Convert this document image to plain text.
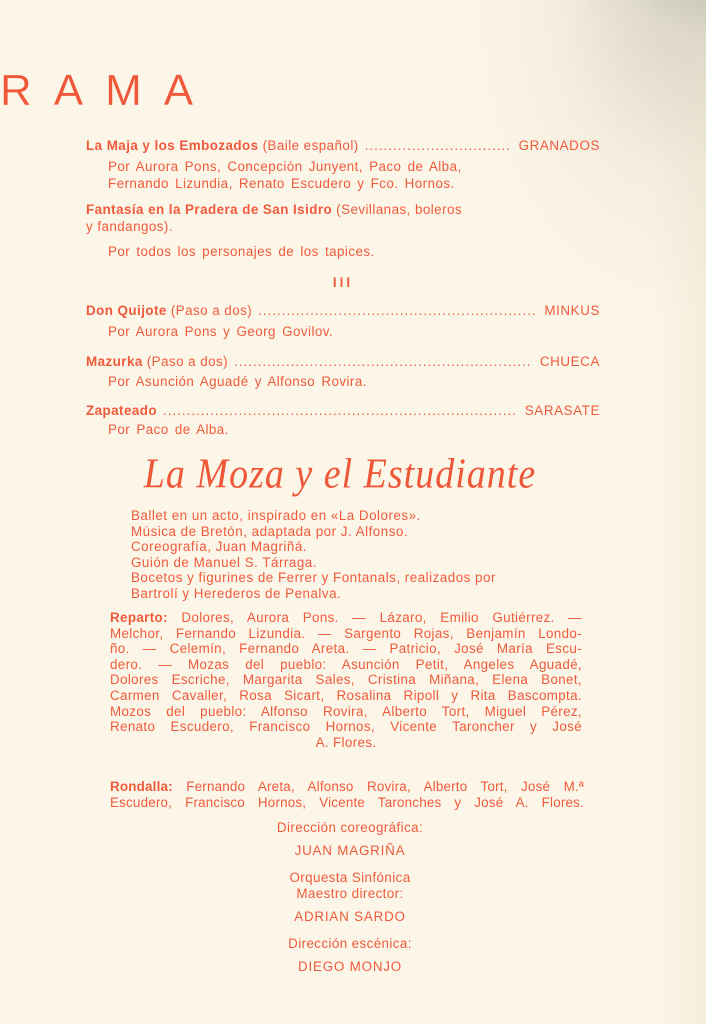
RAMA
La Maja y los Embozados (Baile español) .....	GRANADOS
Por Aurora Pons, Concepción Junyent, Paco de Alba,
Fernando Lizundia, Renato Escudero y Fco. Hornos.
Fantasía en la Pradera de San Isidro (Sevillanas, boleros
y fandangos).
Por todos los personajes de los tapices.
III
Don Quijote (Paso a dos) .....	MINKUS
Por Aurora Pons y Georg Govilov.
Mazurka (Paso a dos) .....	CHUECA
Por Asunción Aguadé y Alfonso Rovira.
Zapateado .....	SARASATE
Por Paco de Alba.
La Moza y el Estudiante
Ballet en un acto, inspirado en «La Dolores».
Música de Bretón, adaptada por J. Alfonso.
Coreografía, Juan Magriñá.
Guión de Manuel S. Tárraga.
Bocetos y figurines de Ferrer y Fontanals, realizados por
Bartrolí y Herederos de Penalva.
Reparto: Dolores, Aurora Pons. — Lázaro, Emilio Gutiérrez. —
Melchor, Fernando Lizundia. — Sargento Rojas, Benjamín Londo-
ño. — Celemín, Fernando Areta. — Patricio, José María Escu-
dero. — Mozas del pueblo: Asunción Petit, Angeles Aguadé,
Dolores Escriche, Margarita Sales, Cristina Miñana, Elena Bonet,
Carmen Cavaller, Rosa Sicart, Rosalina Ripoll y Rita Bascompta.
Mozos del pueblo: Alfonso Rovira, Alberto Tort, Miguel Pérez,
Renato Escudero, Francisco Hornos, Vicente Taroncher y José
A. Flores.
Rondalla: Fernando Areta, Alfonso Rovira, Alberto Tort, José M.ª
Escudero, Francisco Hornos, Vicente Taronches y José A. Flores.
Dirección coreográfica:
JUAN MAGRIÑA
Orquesta Sinfónica
Maestro director:
ADRIAN SARDO
Dirección escénica:
DIEGO MONJO
